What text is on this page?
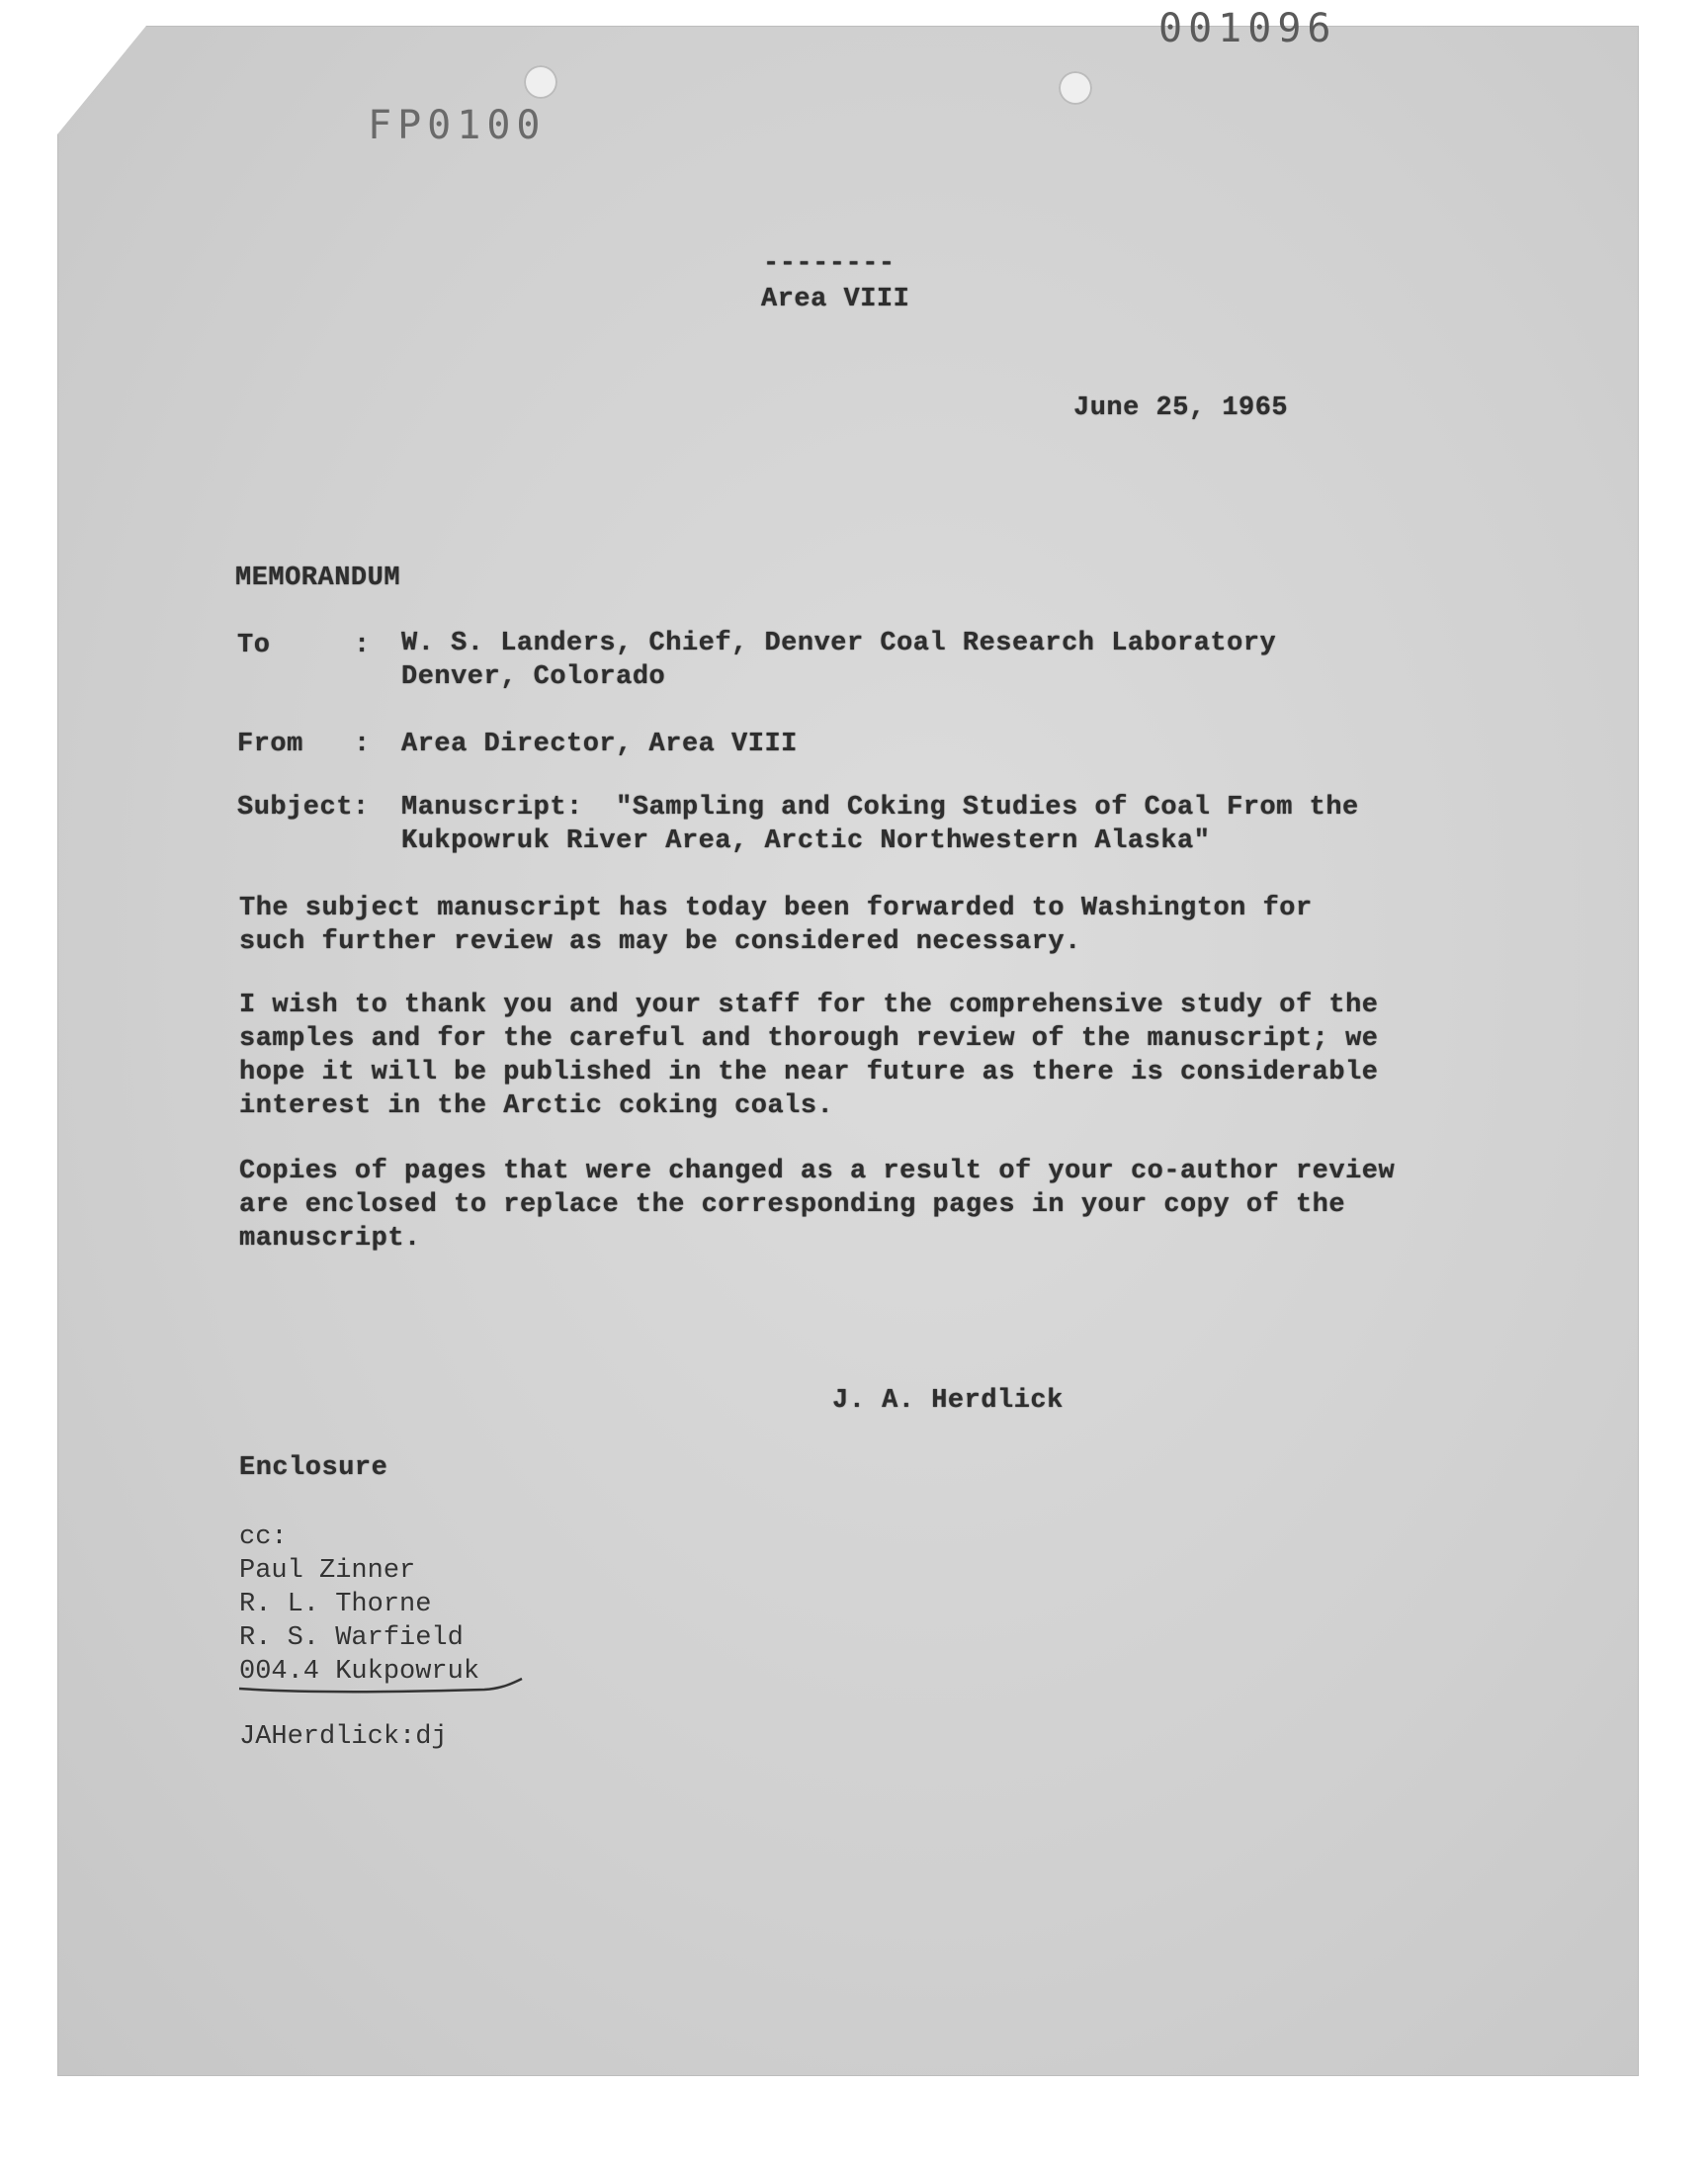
001096
FP0100
--------
Area VIII
June 25, 1965
MEMORANDUM
To	: W. S. Landers, Chief, Denver Coal Research Laboratory
Denver, Colorado
From : Area Director, Area VIII
Subject: Manuscript:  "Sampling and Coking Studies of Coal From the
Kukpowruk River Area, Arctic Northwestern Alaska"
The subject manuscript has today been forwarded to Washington for
such further review as may be considered necessary.
I wish to thank you and your staff for the comprehensive study of the
samples and for the careful and thorough review of the manuscript; we
hope it will be published in the near future as there is considerable
interest in the Arctic coking coals.
Copies of pages that were changed as a result of your co-author review
are enclosed to replace the corresponding pages in your copy of the
manuscript.
J. A. Herdlick
Enclosure
cc:
Paul Zinner
R. L. Thorne
R. S. Warfield
004.4 Kukpowruk
JAHerdlick:dj
